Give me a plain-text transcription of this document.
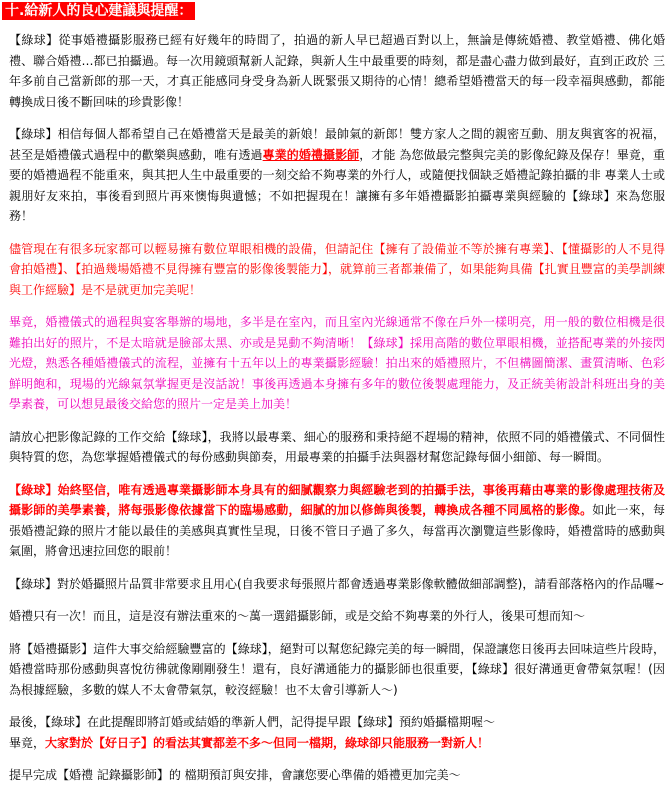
十.給新人的良心建議與提醒：

【綠球】從事婚禮攝影服務已經有好幾年的時間了，拍過的新人早已超過百對以上，無論是傳統婚禮、教堂婚禮、佛化婚禮、聯合婚禮…都已拍攝過。每一次用鏡頭幫新人記錄，與新人生中最重要的時刻，都是盡心盡力做到最好，直到正政於 三年多前自己當新郎的那一天，才真正能感同身受身為新人既緊張又期待的心情！總希望婚禮當天的每一段幸福與感動，都能轉換成日後不斷回味的珍貴影像！

【綠球】相信每個人都希望自己在婚禮當天是最美的新娘！最帥氣的新郎！雙方家人之間的親密互動、朋友與賓客的祝福，甚至是婚禮儀式過程中的歡樂與感動，唯有透過專業的婚禮攝影師，才能 為您做最完整與完美的影像紀錄及保存！畢竟，重要的婚禮過程不能重來，與其把人生中最重要的一刻交給不夠專業的外行人，或隨便找個缺乏婚禮記錄拍攝的非 專業人士或親朋好友來拍，事後看到照片再來懊悔與遺憾；不如把握現在！讓擁有多年婚禮攝影拍攝專業與經驗的【綠球】來為您服務！

儘管現在有很多玩家都可以輕易擁有數位單眼相機的設備，但請記住【擁有了設備並不等於擁有專業】、【懂攝影的人不見得會拍婚禮】、【拍過幾場婚禮不見得擁有豐富的影像後製能力】，就算前三者都兼備了，如果能夠具備【扎實且豐富的美學訓練與工作經驗】是不是就更加完美呢！

畢竟，婚禮儀式的過程與宴客舉辦的場地，多半是在室內，而且室內光線通常不像在戶外一樣明亮，用一般的數位相機是很難拍出好的照片，不是太暗就是臉部太黑、亦或是晃動不夠清晰！【綠球】採用高階的數位單眼相機，並搭配專業的外接閃光燈，熟悉各種婚禮儀式的流程，並擁有十五年以上的專業攝影經驗！拍出來的婚禮照片，不但構圖簡潔、畫質清晰、色彩鮮明飽和，現場的光線氣氛掌握更是沒話說！事後再透過本身擁有多年的數位後製處理能力，及正統美術設計科班出身的美學素養，可以想見最後交給您的照片一定是美上加美！

請放心把影像記錄的工作交給【綠球】，我將以最專業、細心的服務和秉持絕不趕場的精神，依照不同的婚禮儀式、不同個性與特質的您，為您掌握婚禮儀式的每份感動與節奏，用最專業的拍攝手法與器材幫您記錄每個小細節、每一瞬間。

【綠球】始終堅信，唯有透過專業攝影師本身具有的細膩觀察力與經驗老到的拍攝手法，事後再藉由專業的影像處理技術及攝影師的美學素養，將每張影像依據當下的臨場感動，細膩的加以修飾與後製，轉換成各種不同風格的影像。如此一來，每張婚禮記錄的照片才能以最佳的美感與真實性呈現，日後不管日子過了多久，每當再次瀏覽這些影像時，婚禮當時的感動與氣圍，將會迅速拉回您的眼前！

【綠球】對於婚攝照片品質非常要求且用心(自我要求每張照片都會透過專業影像軟體做細部調整)，請看部落格內的作品囉~

婚禮只有一次！而且，這是沒有辦法重來的～萬一選錯攝影師，或是交給不夠專業的外行人，後果可想而知～

將【婚禮攝影】這件大事交給經驗豐富的【綠球】，絕對可以幫您紀錄完美的每一瞬間，保證讓您日後再去回味這些片段時，婚禮當時那份感動與喜悅彷彿就像剛剛發生！還有，良好溝通能力的攝影師也很重要，【綠球】很好溝通更會帶氣氛喔！(因為根據經驗，多數的媒人不太會帶氣氛，較沒經驗！也不太會引導新人～)

最後，【綠球】在此提醒即將訂婚或結婚的準新人們，記得提早跟【綠球】預約婚攝檔期喔～
畢竟，大家對於【好日子】的看法其實都差不多～但同一檔期，綠球卻只能服務一對新人！

提早完成【婚禮 記錄攝影師】的 檔期預訂與安排，會讓您要心準備的婚禮更加完美～
